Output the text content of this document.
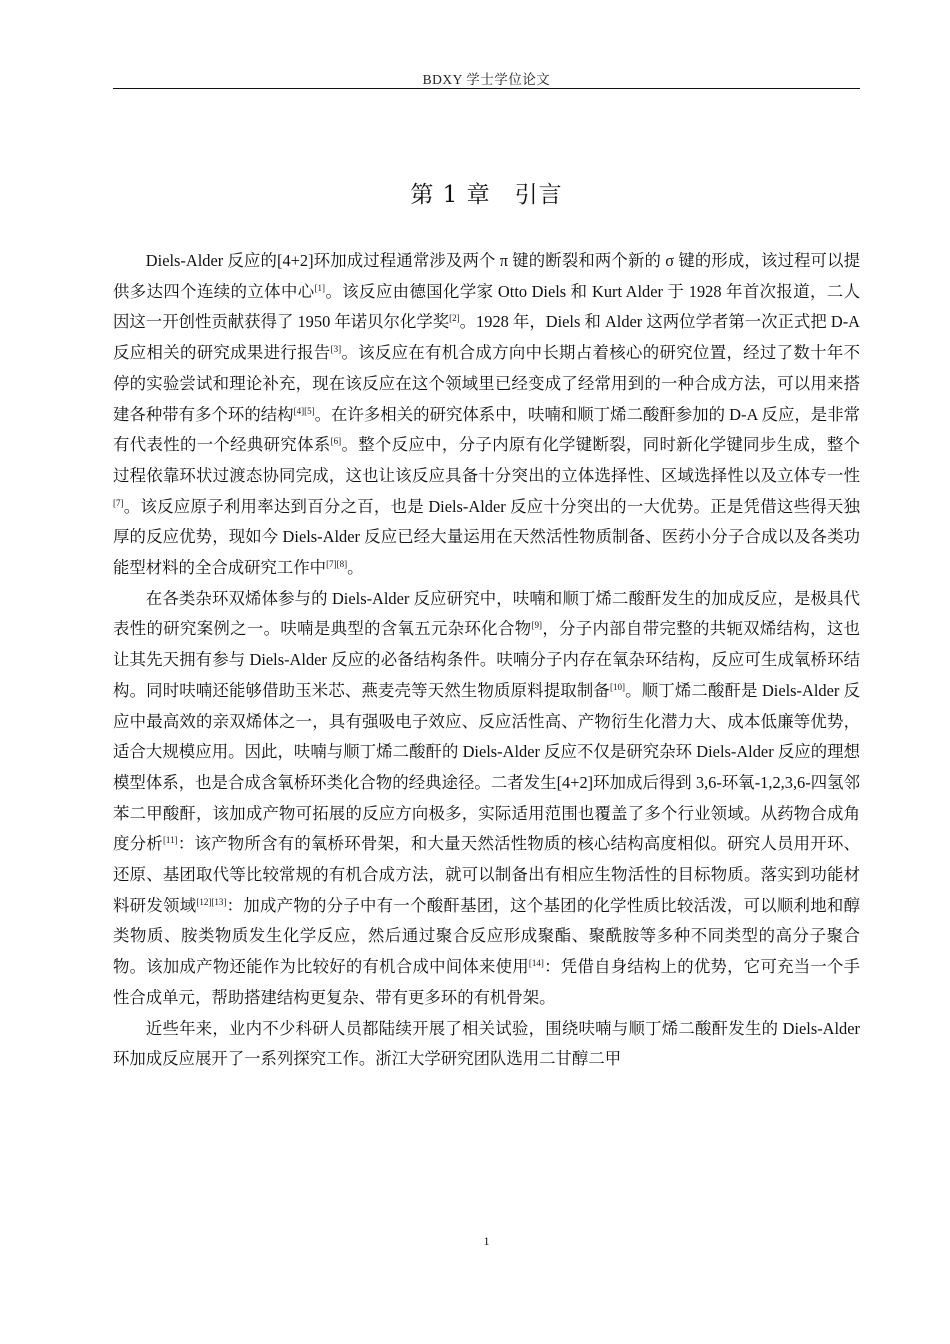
BDXY 学士学位论文
第 1 章 引言

Diels-Alder 反应的[4+2]环加成过程通常涉及两个 π 键的断裂和两个新的 σ 键的形成，该过程可以提供多达四个连续的立体中心[1]。该反应由德国化学家 Otto Diels 和 Kurt Alder 于 1928 年首次报道，二人因这一开创性贡献获得了 1950 年诺贝尔化学奖[2]。1928 年，Diels 和 Alder 这两位学者第一次正式把 D-A 反应相关的研究成果进行报告[3]。该反应在有机合成方向中长期占着核心的研究位置，经过了数十年不停的实验尝试和理论补充，现在该反应在这个领域里已经变成了经常用到的一种合成方法，可以用来搭建各种带有多个环的结构[4][5]。在许多相关的研究体系中，呋喃和顺丁烯二酸酐参加的 D-A 反应，是非常有代表性的一个经典研究体系[6]。整个反应中，分子内原有化学键断裂，同时新化学键同步生成，整个过程依靠环状过渡态协同完成，这也让该反应具备十分突出的立体选择性、区域选择性以及立体专一性[7]。该反应原子利用率达到百分之百，也是 Diels-Alder 反应十分突出的一大优势。正是凭借这些得天独厚的反应优势，现如今 Diels-Alder 反应已经大量运用在天然活性物质制备、医药小分子合成以及各类功能型材料的全合成研究工作中[7][8]。

在各类杂环双烯体参与的 Diels-Alder 反应研究中，呋喃和顺丁烯二酸酐发生的加成反应，是极具代表性的研究案例之一。呋喃是典型的含氧五元杂环化合物[9]，分子内部自带完整的共轭双烯结构，这也让其先天拥有参与 Diels-Alder 反应的必备结构条件。呋喃分子内存在氧杂环结构，反应可生成氧桥环结构。同时呋喃还能够借助玉米芯、燕麦壳等天然生物质原料提取制备[10]。顺丁烯二酸酐是 Diels-Alder 反应中最高效的亲双烯体之一，具有强吸电子效应、反应活性高、产物衍生化潜力大、成本低廉等优势，适合大规模应用。因此，呋喃与顺丁烯二酸酐的 Diels-Alder 反应不仅是研究杂环 Diels-Alder 反应的理想模型体系，也是合成含氧桥环类化合物的经典途径。二者发生[4+2]环加成后得到 3,6-环氧-1,2,3,6-四氢邻苯二甲酸酐，该加成产物可拓展的反应方向极多，实际适用范围也覆盖了多个行业领域。从药物合成角度分析[11]：该产物所含有的氧桥环骨架，和大量天然活性物质的核心结构高度相似。研究人员用开环、还原、基团取代等比较常规的有机合成方法，就可以制备出有相应生物活性的目标物质。落实到功能材料研发领域[12][13]：加成产物的分子中有一个酸酐基团，这个基团的化学性质比较活泼，可以顺利地和醇类物质、胺类物质发生化学反应，然后通过聚合反应形成聚酯、聚酰胺等多种不同类型的高分子聚合物。该加成产物还能作为比较好的有机合成中间体来使用[14]：凭借自身结构上的优势，它可充当一个手性合成单元，帮助搭建结构更复杂、带有更多环的有机骨架。

近些年来，业内不少科研人员都陆续开展了相关试验，围绕呋喃与顺丁烯二酸酐发生的 Diels-Alder 环加成反应展开了一系列探究工作。浙江大学研究团队选用二甘醇二甲

1
